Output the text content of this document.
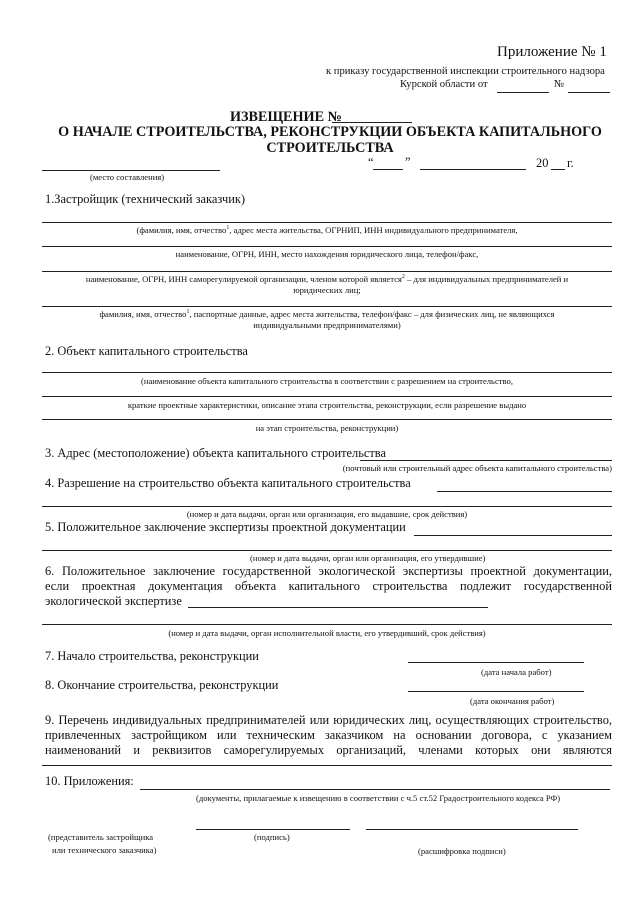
Приложение № 1
к приказу государственной инспекции строительного надзора
Курской области от	№
ИЗВЕЩЕНИЕ №
О НАЧАЛЕ СТРОИТЕЛЬСТВА, РЕКОНСТРУКЦИИ ОБЪЕКТА КАПИТАЛЬНОГО
СТРОИТЕЛЬСТВА
“	”	20 г.
(место составления)
1.Застройщик (технический заказчик)
(фамилия, имя, отчество$^1$, адрес места жительства, ОГРНИП, ИНН индивидуального предпринимателя,
наименование, ОГРН, ИНН, место нахождения юридического лица, телефон/факс,
наименование, ОГРН, ИНН саморегулируемой организации, членом которой является$^2$ – для индивидуальных предпринимателей и
юридических лиц;
фамилия, имя, отчество$^1$, паспортные данные, адрес места жительства, телефон/факс – для физических лиц, не являющихся
индивидуальными предпринимателями)
2. Объект капитального строительства
(наименование объекта капитального строительства в соответствии с разрешением на строительство,
краткие проектные характеристики, описание этапа строительства, реконструкции, если разрешение выдано
на этап строительства, реконструкции)
3. Адрес (местоположение) объекта капитального строительства
(почтовый или строительный адрес объекта капитального строительства)
4. Разрешение на строительство объекта капитального строительства
(номер и дата выдачи, орган или организация, его выдавшие, срок действия)
5. Положительное заключение экспертизы проектной документации
(номер и дата выдачи, орган или организация, его утвердившие)
6. Положительное заключение государственной экологической экспертизы проектной документации,
если проектная документация объекта капитального строительства подлежит государственной
экологической экспертизе
(номер и дата выдачи, орган исполнительной власти, его утвердивший, срок действия)
7. Начало строительства, реконструкции
(дата начала работ)
8. Окончание строительства, реконструкции
(дата окончания работ)
9. Перечень индивидуальных предпринимателей или юридических лиц, осуществляющих строительство,
привлеченных застройщиком или техническим заказчиком на основании договора, с указанием
наименований и реквизитов саморегулируемых организаций, членами которых они являются
10. Приложения:
(документы, прилагаемые к извещению в соответствии с ч.5 ст.52 Градостроительного кодекса РФ)
(представитель застройщика
или технического заказчика)
(подпись)
(расшифровка подписи)
